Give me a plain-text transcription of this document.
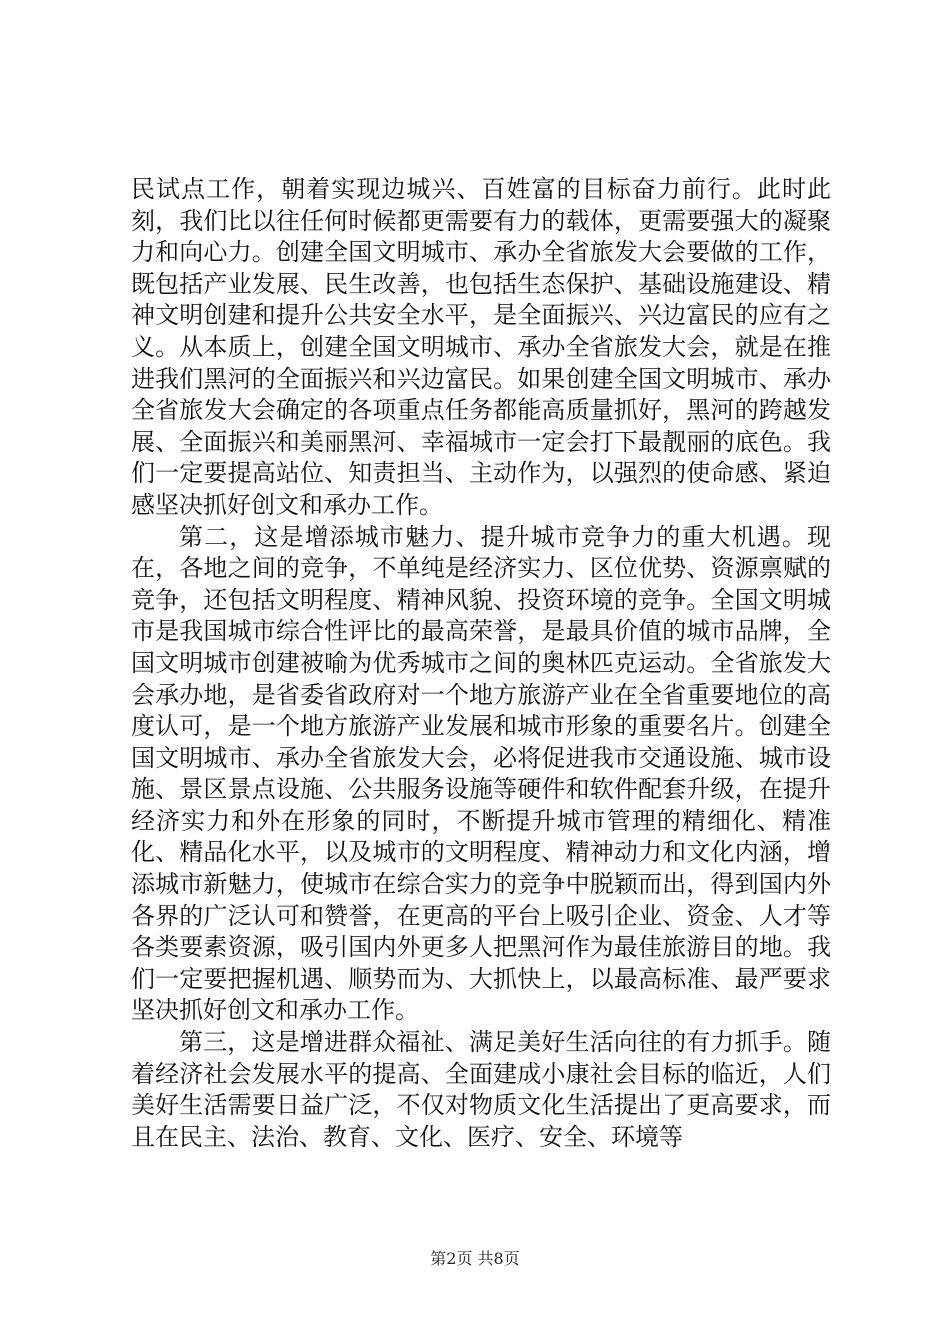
民试点工作，朝着实现边城兴、百姓富的目标奋力前行。此时此刻，我们比以往任何时候都更需要有力的载体，更需要强大的凝聚力和向心力。创建全国文明城市、承办全省旅发大会要做的工作，既包括产业发展、民生改善，也包括生态保护、基础设施建设、精神文明创建和提升公共安全水平，是全面振兴、兴边富民的应有之义。从本质上，创建全国文明城市、承办全省旅发大会，就是在推进我们黑河的全面振兴和兴边富民。如果创建全国文明城市、承办全省旅发大会确定的各项重点任务都能高质量抓好，黑河的跨越发展、全面振兴和美丽黑河、幸福城市一定会打下最靓丽的底色。我们一定要提高站位、知责担当、主动作为，以强烈的使命感、紧迫感坚决抓好创文和承办工作。

第二，这是增添城市魅力、提升城市竞争力的重大机遇。现在，各地之间的竞争，不单纯是经济实力、区位优势、资源禀赋的竞争，还包括文明程度、精神风貌、投资环境的竞争。全国文明城市是我国城市综合性评比的最高荣誉，是最具价值的城市品牌，全国文明城市创建被喻为优秀城市之间的奥林匹克运动。全省旅发大会承办地，是省委省政府对一个地方旅游产业在全省重要地位的高度认可，是一个地方旅游产业发展和城市形象的重要名片。创建全国文明城市、承办全省旅发大会，必将促进我市交通设施、城市设施、景区景点设施、公共服务设施等硬件和软件配套升级，在提升经济实力和外在形象的同时，不断提升城市管理的精细化、精准化、精品化水平，以及城市的文明程度、精神动力和文化内涵，增添城市新魅力，使城市在综合实力的竞争中脱颖而出，得到国内外各界的广泛认可和赞誉，在更高的平台上吸引企业、资金、人才等各类要素资源，吸引国内外更多人把黑河作为最佳旅游目的地。我们一定要把握机遇、顺势而为、大抓快上，以最高标准、最严要求坚决抓好创文和承办工作。

第三，这是增进群众福祉、满足美好生活向往的有力抓手。随着经济社会发展水平的提高、全面建成小康社会目标的临近，人们美好生活需要日益广泛，不仅对物质文化生活提出了更高要求，而且在民主、法治、教育、文化、医疗、安全、环境等

第2页 共8页
